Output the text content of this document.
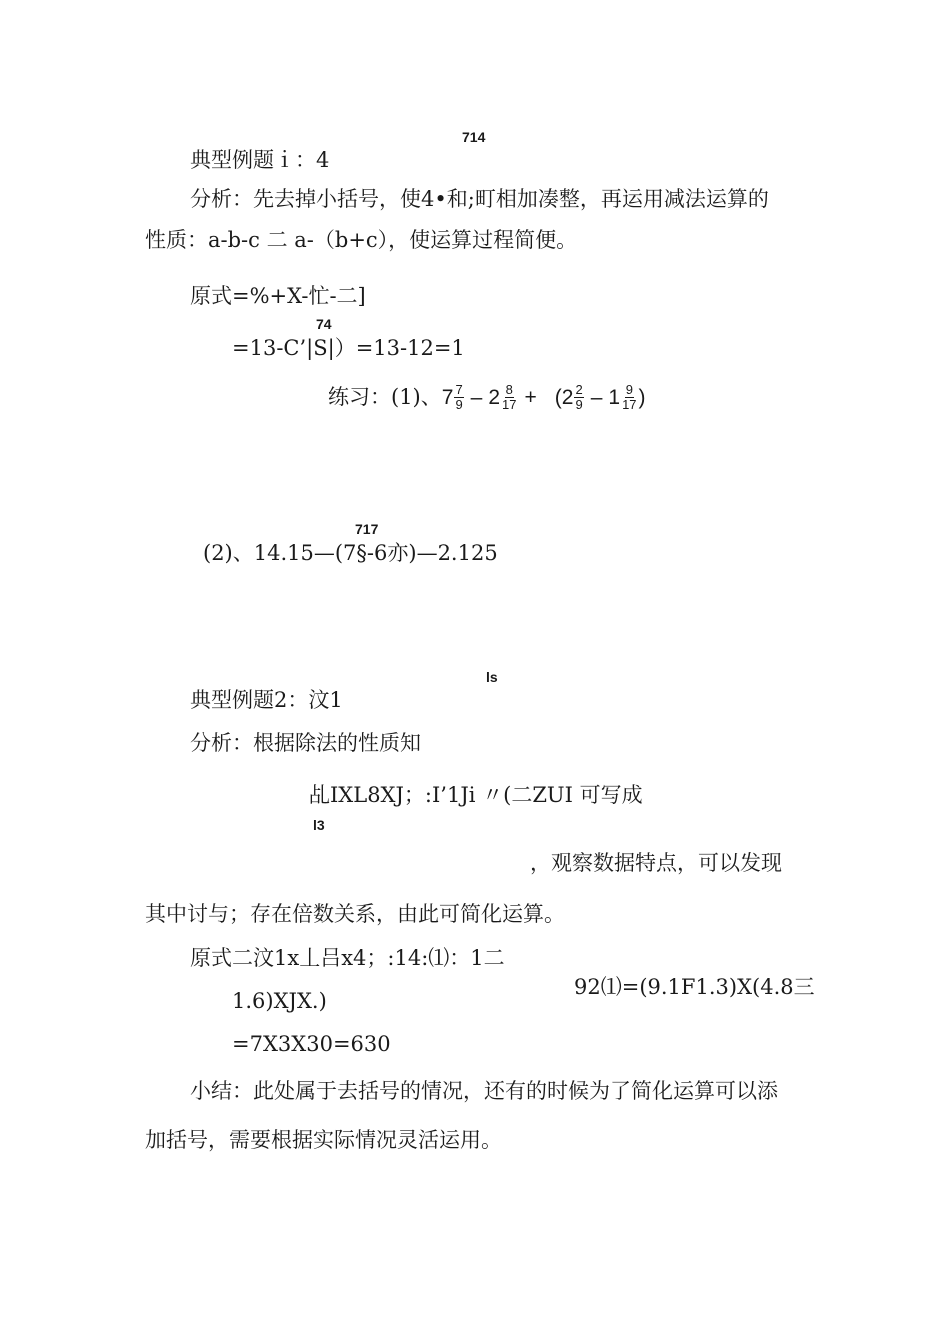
714
典型例题ｉ：4
分析：先去掉小括号，使4•和;町相加凑整，再运用减法运算的
性质：a-b-c 二 a-（b+c），使运算过程简便。
原式=%+X-忙-二]
74
=13-C’|S|）=13-12=1
练习：(1)、 $7 \frac{7}{9} - 2 \frac{8}{17}$ + ( $2 \frac{2}{9} - 1 \frac{9}{17}$ )
717
(2)、14.15—(7§-6亦)—2.125
ls
典型例题2：汶1
分析：根据除法的性质知
乩IXL8XJ；:I’1Ji 〃(二ZUI 可写成
l3
，观察数据特点，可以发现
其中讨与；存在倍数关系，由此可简化运算。
原式二汶1x丄吕x4；:14:⑴：1二
92⑴=(9.1F1.3)X(4.8三
1.6)XJX.)
=7X3X30=630
小结：此处属于去括号的情况，还有的时候为了简化运算可以添
加括号，需要根据实际情况灵活运用。
